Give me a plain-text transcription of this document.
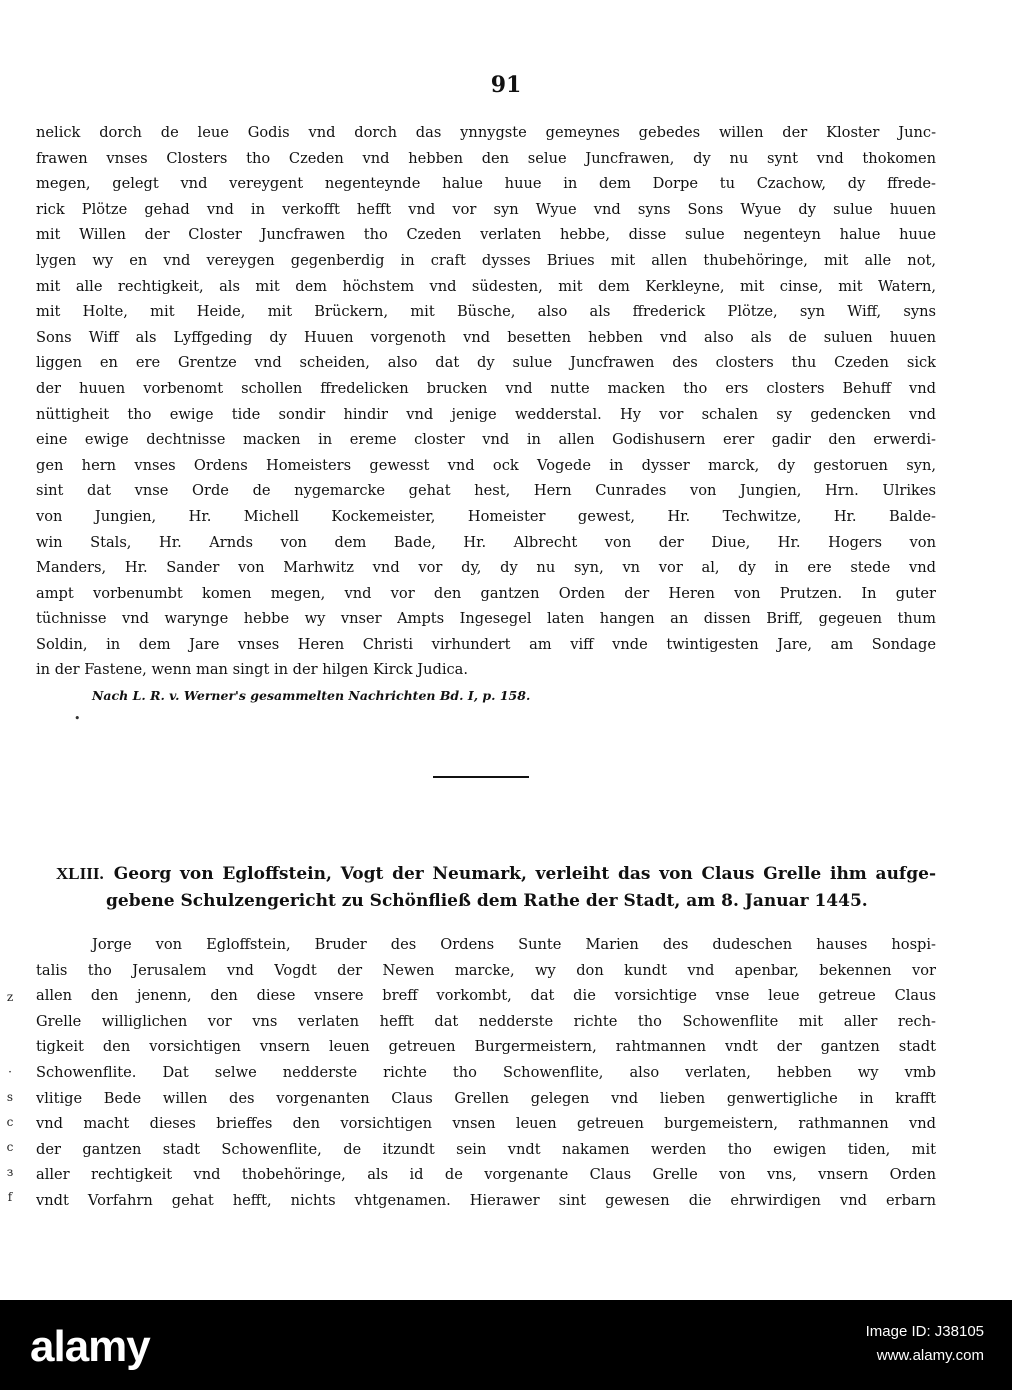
91
nelick dorch de leue Godis vnd dorch das ynnygste gemeynes gebedes willen der Kloster Junc-
frawen vnses Closters tho Czeden vnd hebben den selue Juncfrawen, dy nu synt vnd thokomen
megen, gelegt vnd vereygent negenteynde halue huue in dem Dorpe tu Czachow, dy ffrede-
rick Plötze gehad vnd in verkofft hefft vnd vor syn Wyue vnd syns Sons Wyue dy sulue huuen
mit Willen der Closter Juncfrawen tho Czeden verlaten hebbe, disse sulue negenteyn halue huue
lygen wy en vnd vereygen gegenberdig in craft dysses Briues mit allen thubehöringe, mit alle not,
mit alle rechtigkeit, als mit dem höchstem vnd südesten, mit dem Kerkleyne, mit cinse, mit Watern,
mit Holte, mit Heide, mit Brückern, mit Büsche, also als ffrederick Plötze, syn Wiff, syns
Sons Wiff als Lyffgeding dy Huuen vorgenoth vnd besetten hebben vnd also als de suluen huuen
liggen en ere Grentze vnd scheiden, also dat dy sulue Juncfrawen des closters thu Czeden sick
der huuen vorbenomt schollen ffredelicken brucken vnd nutte macken tho ers closters Behuff vnd
nüttigheit tho ewige tide sondir hindir vnd jenige wedderstal. Hy vor schalen sy gedencken vnd
eine ewige dechtnisse macken in ereme closter vnd in allen Godishusern erer gadir den erwerdi-
gen hern vnses Ordens Homeisters gewesst vnd ock Vogede in dysser marck, dy gestoruen syn,
sint dat vnse Orde de nygemarcke gehat hest, Hern Cunrades von Jungien, Hrn. Ulrikes
von Jungien, Hr. Michell Kockemeister, Homeister gewest, Hr. Techwitze, Hr. Balde-
win Stals, Hr. Arnds von dem Bade, Hr. Albrecht von der Diue, Hr. Hogers von
Manders, Hr. Sander von Marhwitz vnd vor dy, dy nu syn, vn vor al, dy in ere stede vnd
ampt vorbenumbt komen megen, vnd vor den gantzen Orden der Heren von Prutzen. In guter
tüchnisse vnd warynge hebbe wy vnser Ampts Ingesegel laten hangen an dissen Briff, gegeuen thum
Soldin, in dem Jare vnses Heren Christi virhundert am viff vnde twintigesten Jare, am Sondage
in der Fastene, wenn man singt in der hilgen Kirck Judica.
Nach L. R. v. Werner's gesammelten Nachrichten Bd. I, p. 158.
•
XLIII. Georg von Egloffstein, Vogt der Neumark, verleiht das von Claus Grelle ihm aufge-
gebene Schulzengericht zu Schönfließ dem Rathe der Stadt, am 8. Januar 1445.
Jorge von Egloffstein, Bruder des Ordens Sunte Marien des dudeschen hauses hospi-
talis tho Jerusalem vnd Vogdt der Newen marcke, wy don kundt vnd apenbar, bekennen vor
allen den jenenn, den diese vnsere breff vorkombt, dat die vorsichtige vnse leue getreue Claus
Grelle williglichen vor vns verlaten hefft dat nedderste richte tho Schowenflite mit aller rech-
tigkeit den vorsichtigen vnsern leuen getreuen Burgermeistern, rahtmannen vndt der gantzen stadt
Schowenflite. Dat selwe nedderste richte tho Schowenflite, also verlaten, hebben wy vmb
vlitige Bede willen des vorgenanten Claus Grellen gelegen vnd lieben genwertigliche in krafft
vnd macht dieses brieffes den vorsichtigen vnsen leuen getreuen burgemeistern, rathmannen vnd
der gantzen stadt Schowenflite, de itzundt sein vndt nakamen werden tho ewigen tiden, mit
aller rechtigkeit vnd thobehöringe, als id de vorgenante Claus Grelle von vns, vnsern Orden
vndt Vorfahrn gehat hefft, nichts vhtgenamen. Hierawer sint gewesen die ehrwirdigen vnd erbarn
z
·
s
c
c
з
f
alamy	Image ID: J38105
www.alamy.com
